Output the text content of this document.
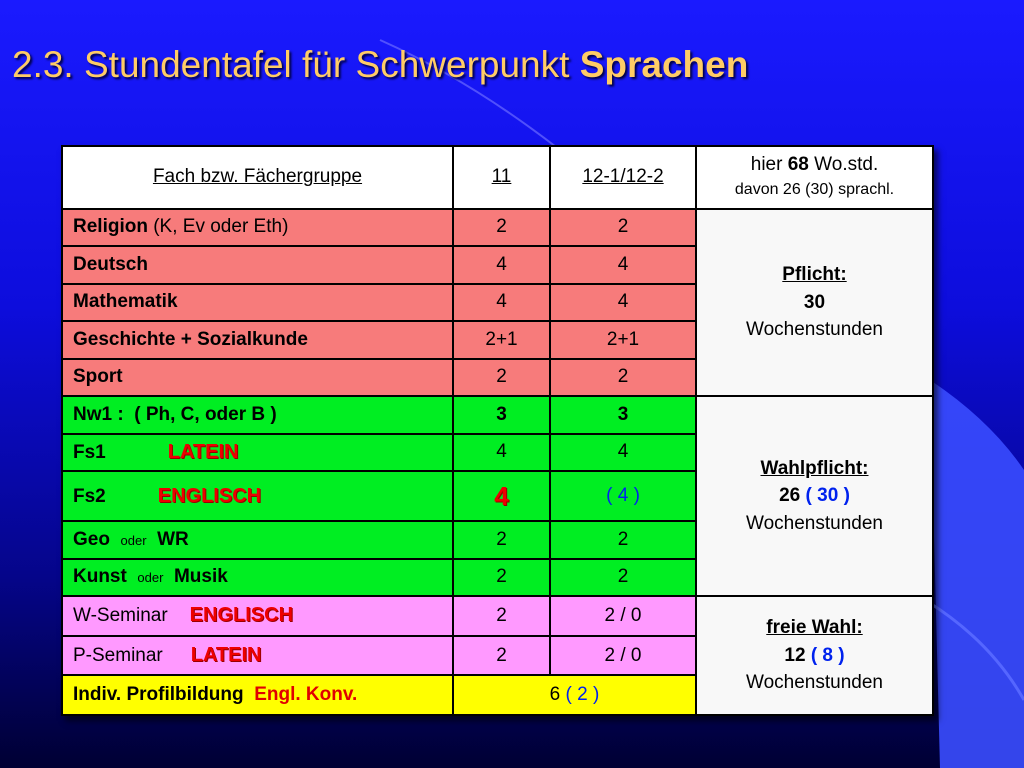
2.3. Stundentafel für Schwerpunkt Sprachen
Fach bzw. Fächergruppe	11	12-1/12-2	hier 68 Wo.std.
davon 26 (30) sprachl.
Religion (K, Ev oder Eth)	2	2	Pflicht:
30
Wochenstunden
Deutsch	4	4	
Mathematik	4	4	
Geschichte + Sozialkunde	2+1	2+1	
Sport	2	2	
Nw1 :  ( Ph, C, oder B )	3	3	Wahlpflicht:
26 ( 30 )
Wochenstunden
Fs1 LATEIN	4	4	
Fs2 ENGLISCH	4	( 4 )	
Geo oder WR	2	2	
Kunst oder Musik	2	2	
W-Seminar ENGLISCH	2	2 / 0	freie Wahl:
12 ( 8 )
Wochenstunden
P-Seminar LATEIN	2	2 / 0	
Indiv. Profilbildung Engl. Konv.	6 ( 2 )		
